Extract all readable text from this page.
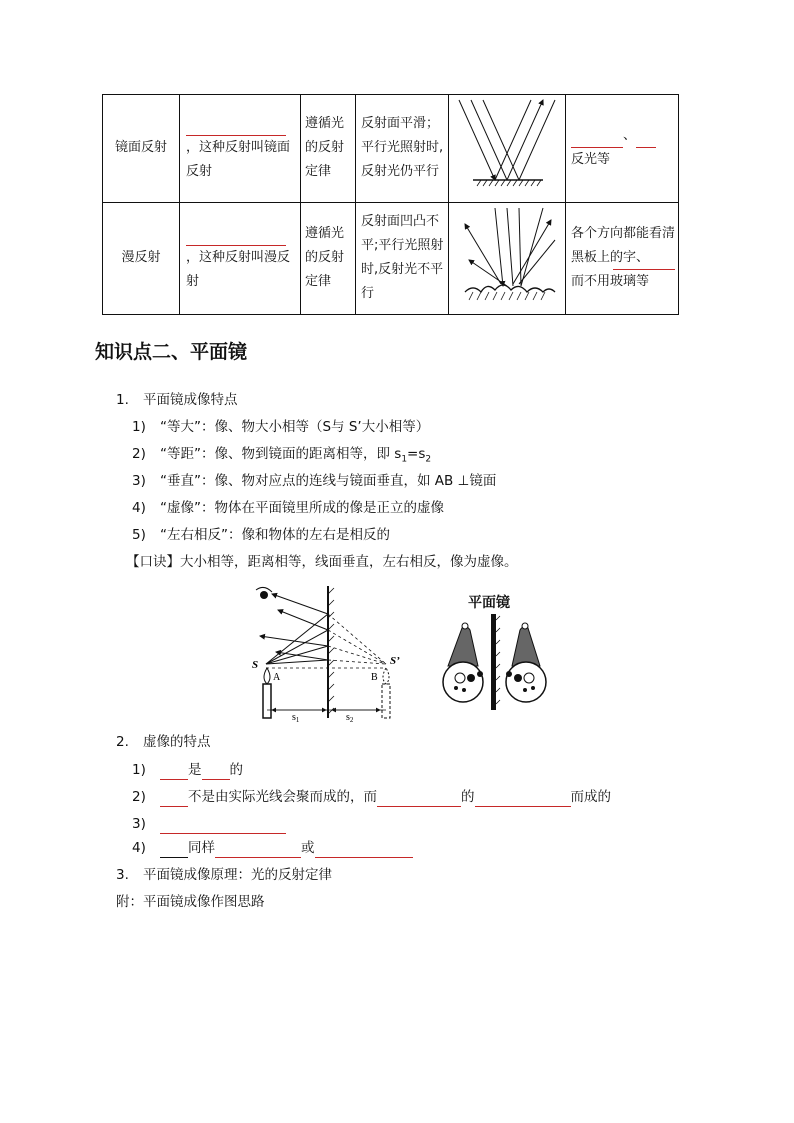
镜面反射	，这种反射叫镜面反射	遵循光的反射定律	反射面平滑；平行光照射时,反射光仍平行		、
反光等

漫反射	，这种反射叫漫反射	遵循光的反射定律	反射面凹凸不平;平行光照射时,反射光不平行		各个方向都能看清黑板上的字、
而不用玻璃等
知识点二、平面镜
1. 平面镜成像特点
1) “等大”：像、物大小相等（S与 S’大小相等）
2) “等距”：像、物到镜面的距离相等，即 $s_1=s_2$
3) “垂直”：像、物对应点的连线与镜面垂直，如 AB ⊥镜面
4) “虚像”：物体在平面镜里所成的像是正立的虚像
5) “左右相反”：像和物体的左右是相反的
【口诀】大小相等，距离相等，线面垂直，左右相反，像为虚像。
S	S’
A	B
$s_1$	$s_2$
平面镜
2. 虚像的特点
1)	是 的
2)	不是由实际光线会聚而成的，而	的	而成的
3)
4)	同样	或
3. 平面镜成像原理：光的反射定律
附：平面镜成像作图思路
